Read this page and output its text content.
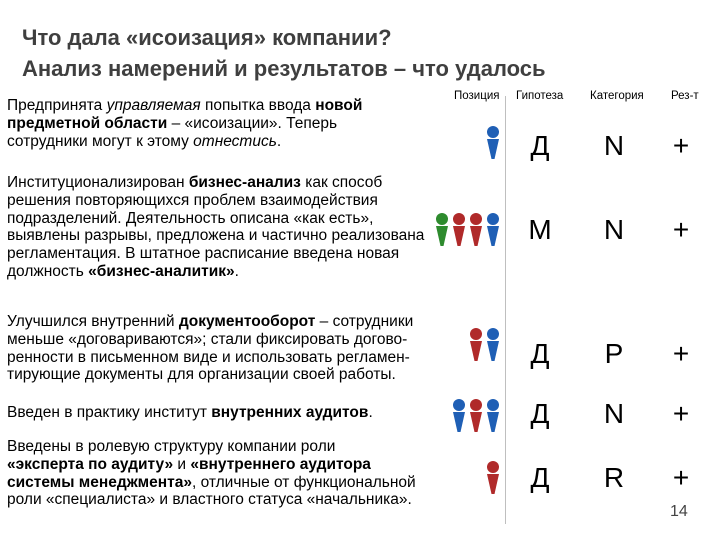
Что дала «исоизация» компании?
Анализ намерений и результатов – что удалось
Позиция Гипотеза Категория Рез-т

Предпринята управляемая попытка ввода новой

предметной области – «исоизации». Теперь

сотрудники могут к этому отнестись.	Д	N	+

Институционализирован бизнес-анализ как способ

решения повторяющихся проблем взаимодействия

подразделений. Деятельность описана «как есть»,

выявлены разрывы, предложена и частично реализована

регламентация. В штатное расписание введена новая

должность «бизнес-аналитик».

М	N	+

Улучшился внутренний документооборот – сотрудники

меньше «договариваются»; стали фиксировать догово-

ренности в письменном виде и использовать регламен-

тирующие документы для организации своей работы.

Д	P	+

Введен в практику институт внутренних аудитов.	Д	N	+

Введены в ролевую структуру компании роли

«эксперта по аудиту» и «внутреннего аудитора

системы менеджмента», отличные от функциональной

роли «специалиста» и властного статуса «начальника».

Д	R	+
14
